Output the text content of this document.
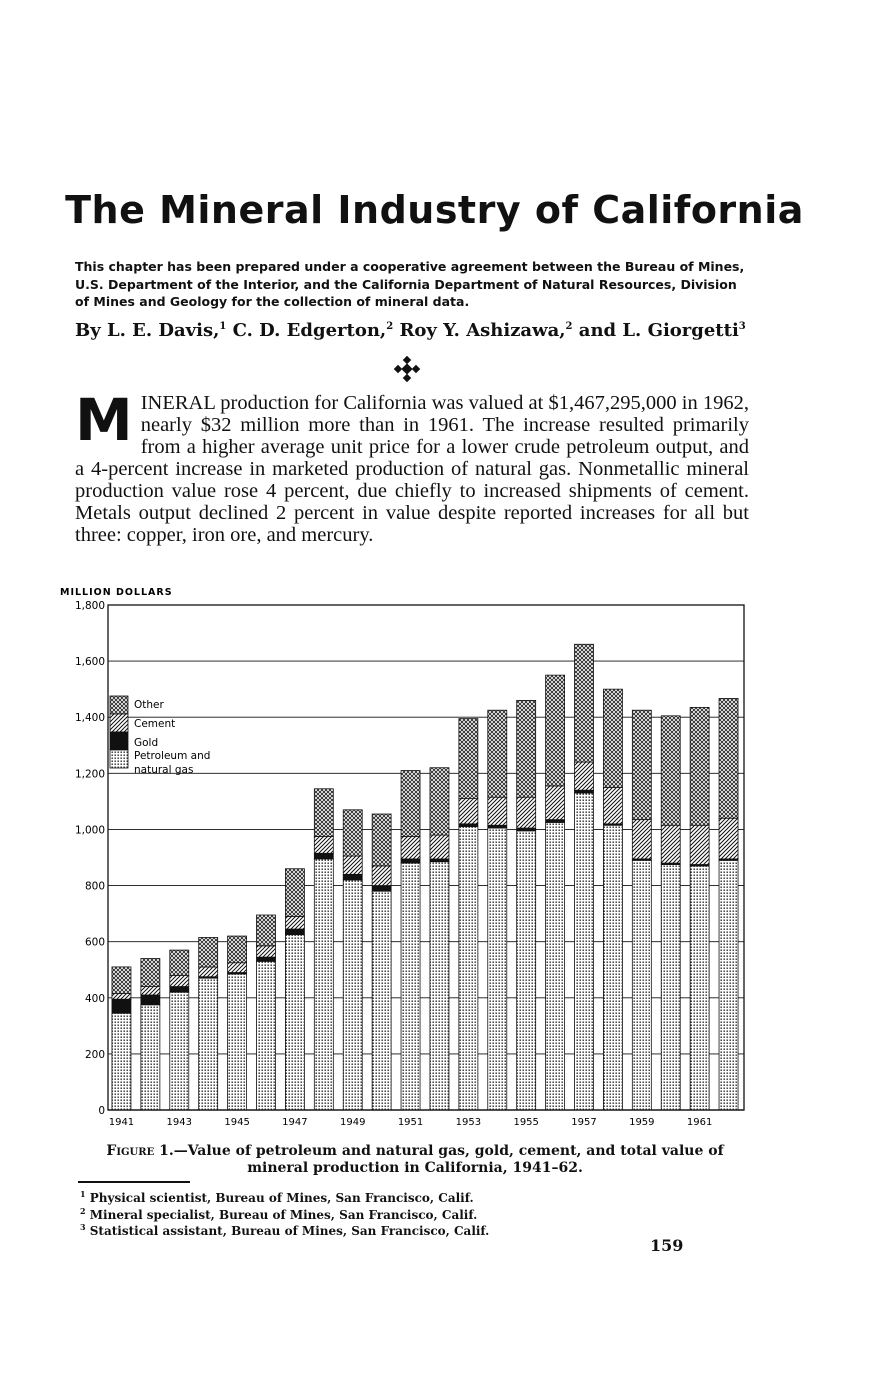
The Mineral Industry of California
This chapter has been prepared under a cooperative agreement between the Bureau of Mines, U.S. Department of the Interior, and the California Department of Natural Resources, Division of Mines and Geology for the collection of mineral data.
By L. E. Davis,$^1$ C. D. Edgerton,$^2$ Roy Y. Ashizawa,$^2$ and L. Giorgetti$^3$
MINERAL production for California was valued at $1,467,295,000 in 1962, nearly $32 million more than in 1961. The increase resulted primarily from a higher average unit price for a lower crude petroleum output, and a 4-percent increase in marketed production of natural gas. Nonmetallic mineral production value rose 4 percent, due chiefly to increased shipments of cement. Metals output declined 2 percent in value despite reported increases for all but three: copper, iron ore, and mercury.
MILLION DOLLARS
0
200
400
600
800
1,000
1,200
1,400
1,600
1,800
1941	1943	1945	1947	1949	1951	1953	1955	1957	1959	1961
Other
Cement
Gold
Petroleum and
natural gas
Figure 1.—Value of petroleum and natural gas, gold, cement, and total value of mineral production in California, 1941–62.
$^1$ Physical scientist, Bureau of Mines, San Francisco, Calif.
$^2$ Mineral specialist, Bureau of Mines, San Francisco, Calif.
$^3$ Statistical assistant, Bureau of Mines, San Francisco, Calif.
159
